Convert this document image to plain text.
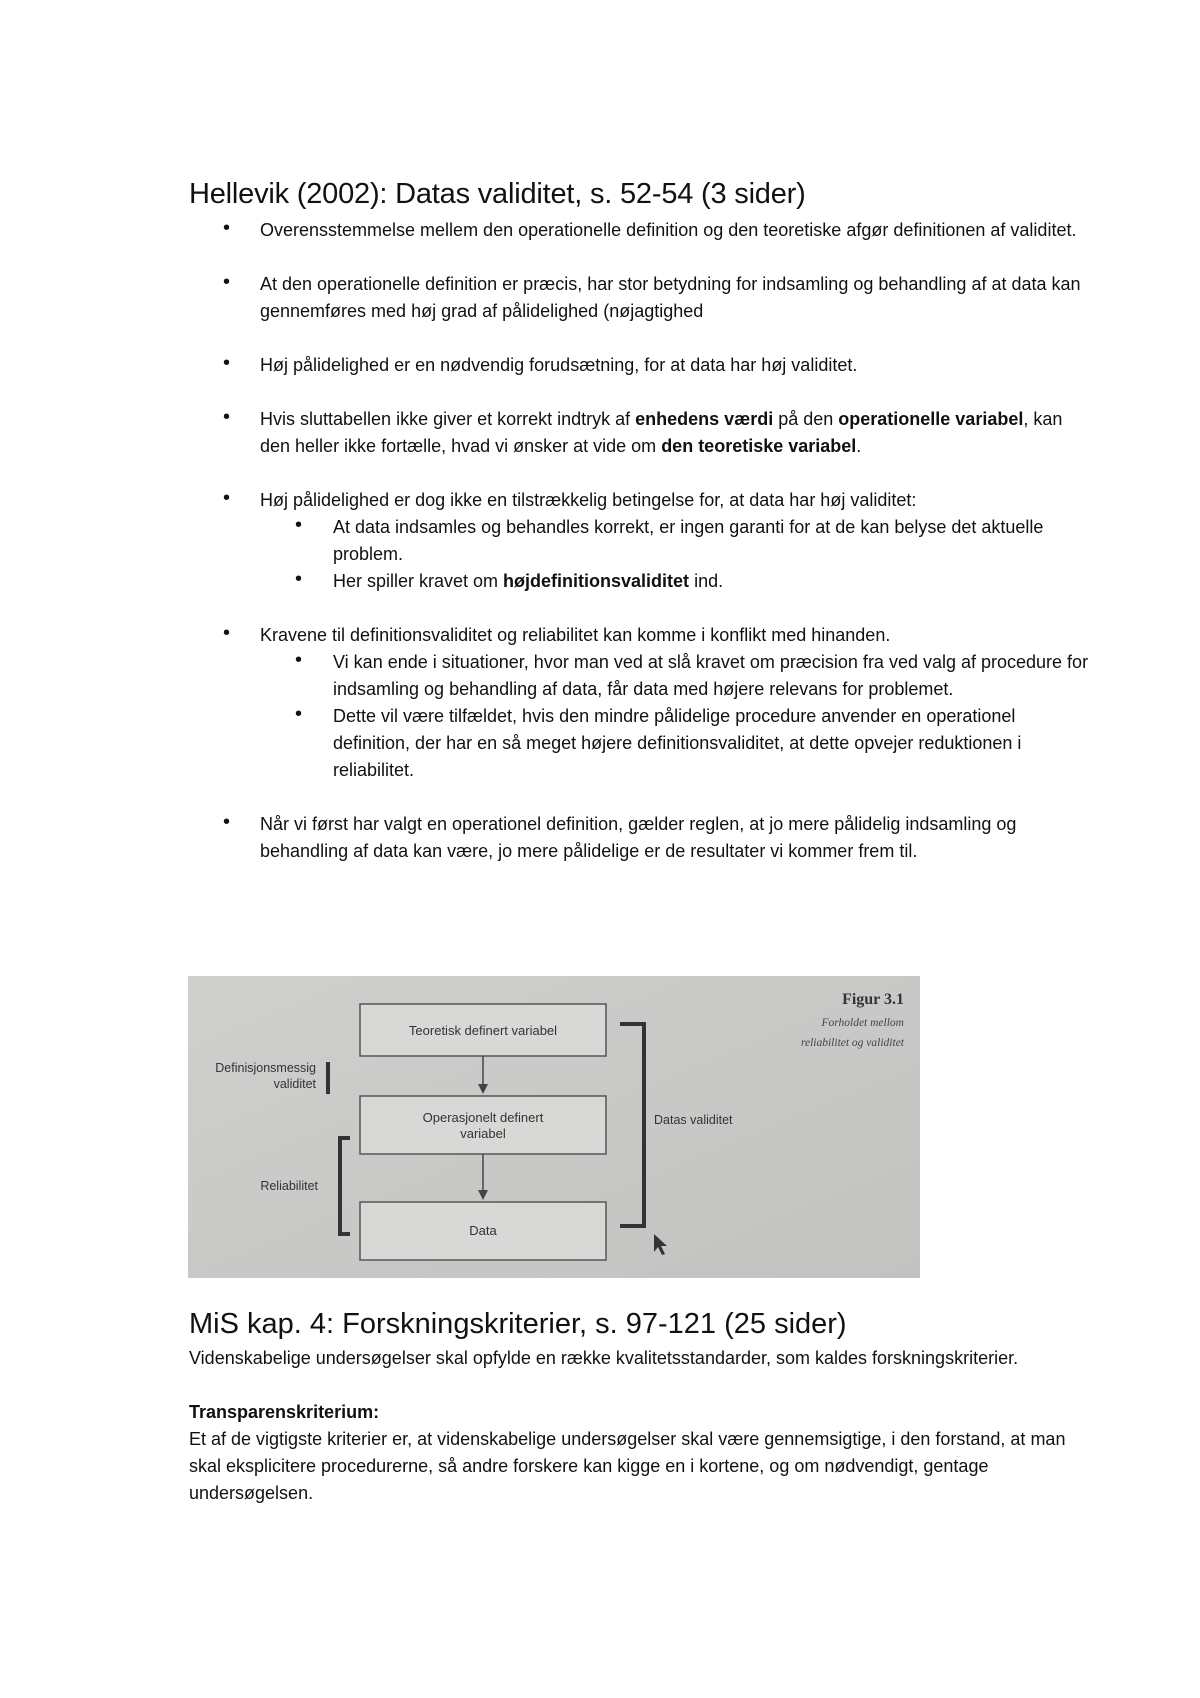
Hellevik (2002): Datas validitet, s. 52-54 (3 sider)
• Overensstemmelse mellem den operationelle definition og den teoretiske afgør definitionen af validitet.
• At den operationelle definition er præcis, har stor betydning for indsamling og behandling af at data kan gennemføres med høj grad af pålidelighed (nøjagtighed
• Høj pålidelighed er en nødvendig forudsætning, for at data har høj validitet.
• Hvis sluttabellen ikke giver et korrekt indtryk af enhedens værdi på den operationelle variabel, kan den heller ikke fortælle, hvad vi ønsker at vide om den teoretiske variabel.
• Høj pålidelighed er dog ikke en tilstrækkelig betingelse for, at data har høj validitet:
• At data indsamles og behandles korrekt, er ingen garanti for at de kan belyse det aktuelle problem.
• Her spiller kravet om højdefinitionsvaliditet ind.
• Kravene til definitionsvaliditet og reliabilitet kan komme i konflikt med hinanden.
• Vi kan ende i situationer, hvor man ved at slå kravet om præcision fra ved valg af procedure for indsamling og behandling af data, får data med højere relevans for problemet.
• Dette vil være tilfældet, hvis den mindre pålidelige procedure anvender en operationel definition, der har en så meget højere definitionsvaliditet, at dette opvejer reduktionen i reliabilitet.
• Når vi først har valgt en operationel definition, gælder reglen, at jo mere pålidelig indsamling og behandling af data kan være, jo mere pålidelige er de resultater vi kommer frem til.
Teoretisk definert variabel
Operasjonelt definert
variabel
Data
Definisjonsmessig
validitet
Reliabilitet
Datas validitet
Figur 3.1
Forholdet mellom
reliabilitet og validitet
MiS kap. 4: Forskningskriterier, s. 97-121 (25 sider)

Videnskabelige undersøgelser skal opfylde en række kvalitetsstandarder, som kaldes forskningskriterier.

Transparenskriterium:

Et af de vigtigste kriterier er, at videnskabelige undersøgelser skal være gennemsigtige, i den forstand, at man skal eksplicitere procedurerne, så andre forskere kan kigge en i kortene, og om nødvendigt, gentage undersøgelsen.
